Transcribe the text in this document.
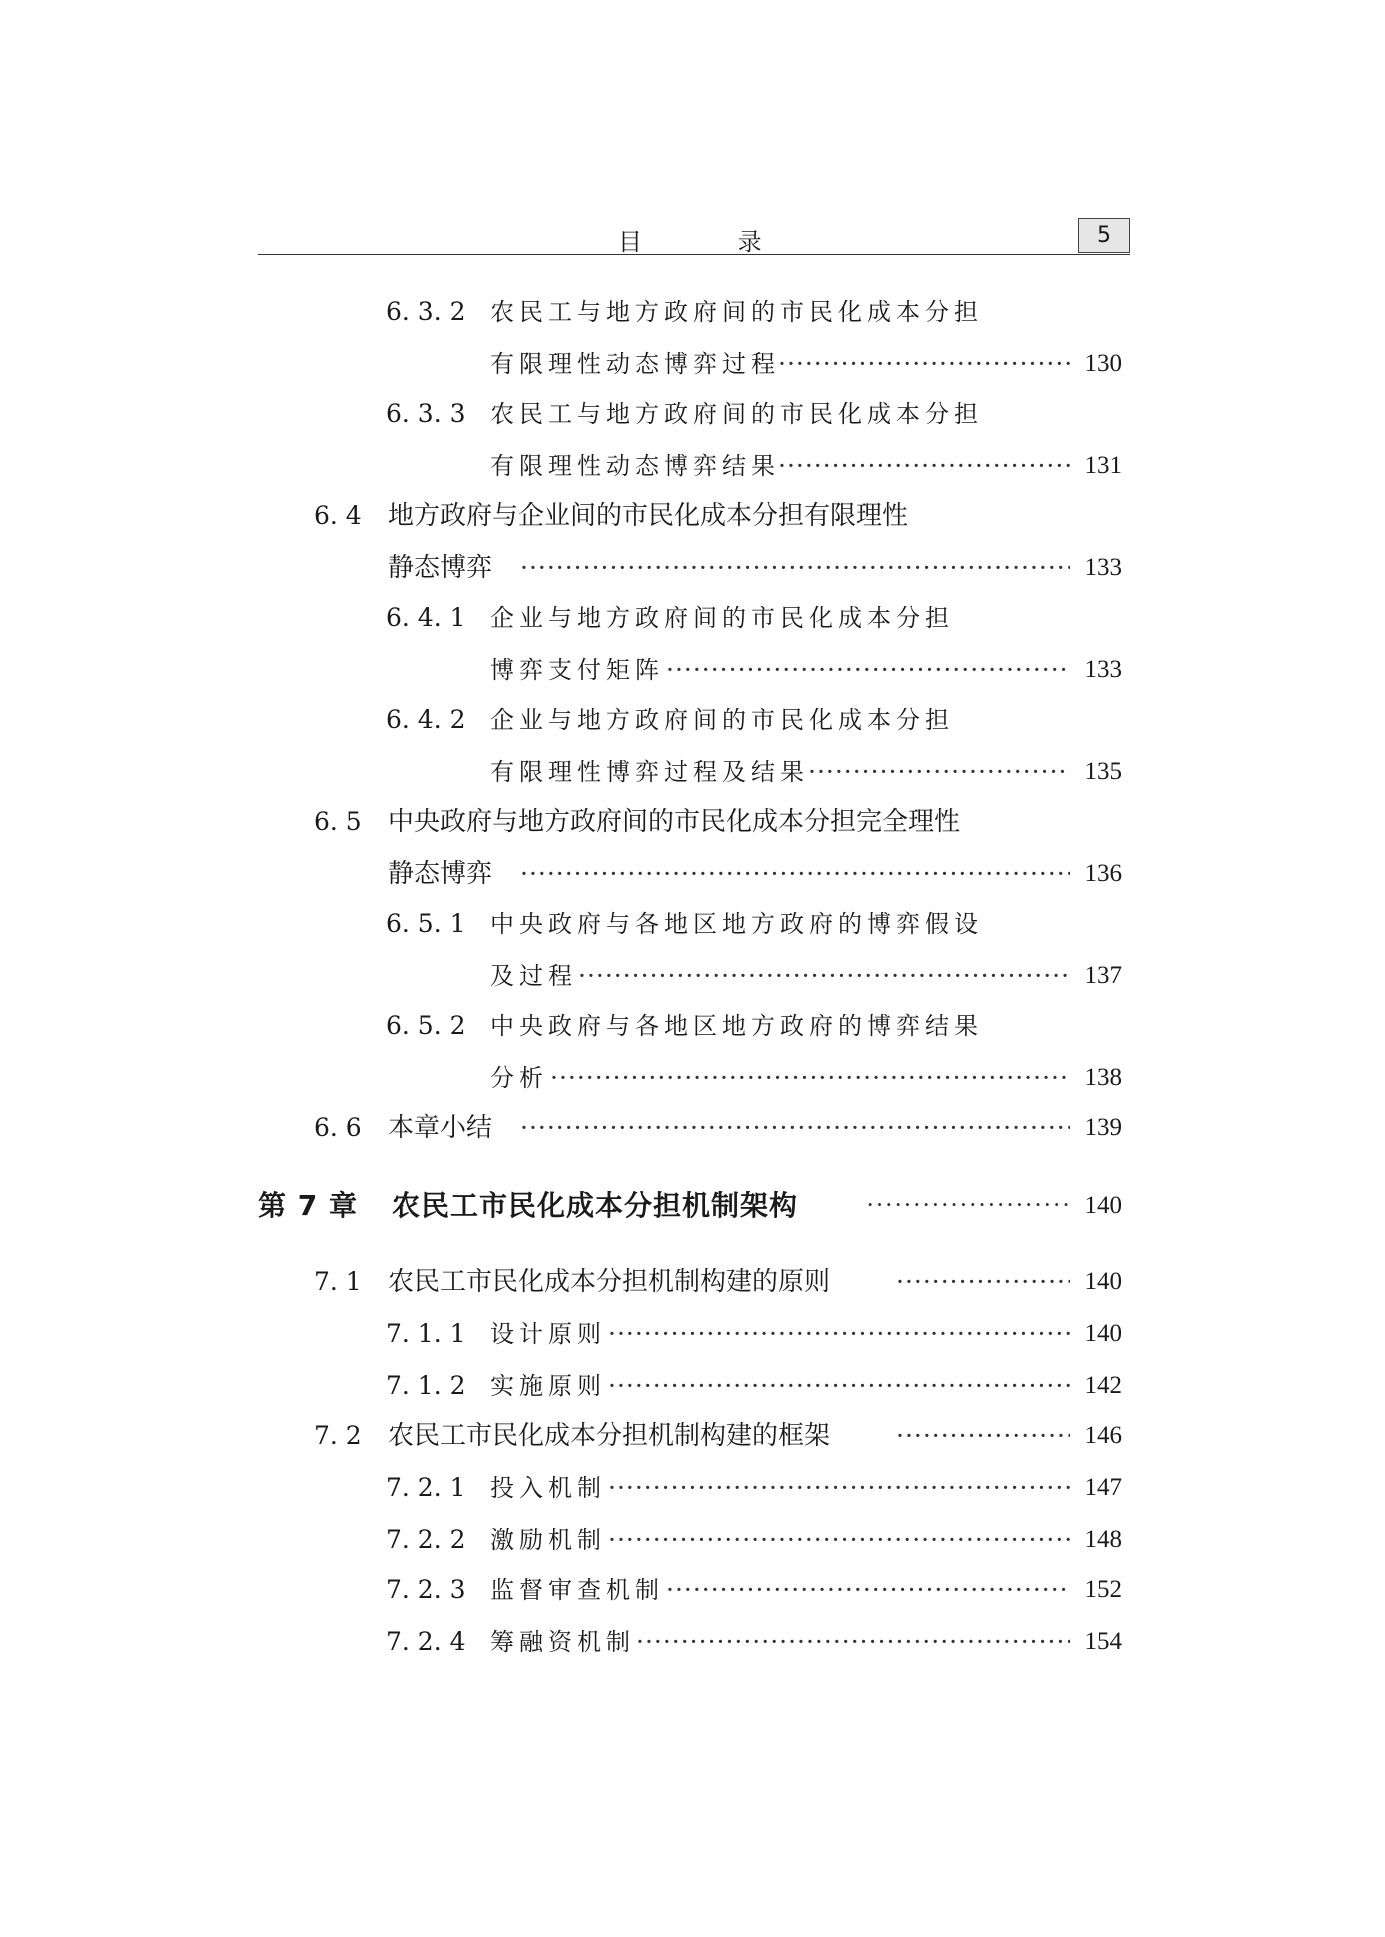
目 录	5
6. 3. 2 农民工与地方政府间的市民化成本分担
有限理性动态博弈过程 ·····	130
6. 3. 3 农民工与地方政府间的市民化成本分担
有限理性动态博弈结果 ·····	131
6. 4 地方政府与企业间的市民化成本分担有限理性
静态博弈 ·····	133
6. 4. 1 企业与地方政府间的市民化成本分担
博弈支付矩阵 ·····	133
6. 4. 2 企业与地方政府间的市民化成本分担
有限理性博弈过程及结果 ·····	135
6. 5 中央政府与地方政府间的市民化成本分担完全理性
静态博弈 ·····	136
6. 5. 1 中央政府与各地区地方政府的博弈假设
及过程 ·····	137
6. 5. 2 中央政府与各地区地方政府的博弈结果
分析 ·····	138
6. 6 本章小结 ·····	139
第 7 章 农民工市民化成本分担机制架构 ·····	140
7. 1 农民工市民化成本分担机制构建的原则 ·····	140
7. 1. 1 设计原则 ·····	140
7. 1. 2 实施原则 ·····	142
7. 2 农民工市民化成本分担机制构建的框架 ·····	146
7. 2. 1 投入机制 ·····	147
7. 2. 2 激励机制 ·····	148
7. 2. 3 监督审查机制 ·····	152
7. 2. 4 筹融资机制 ·····	154
